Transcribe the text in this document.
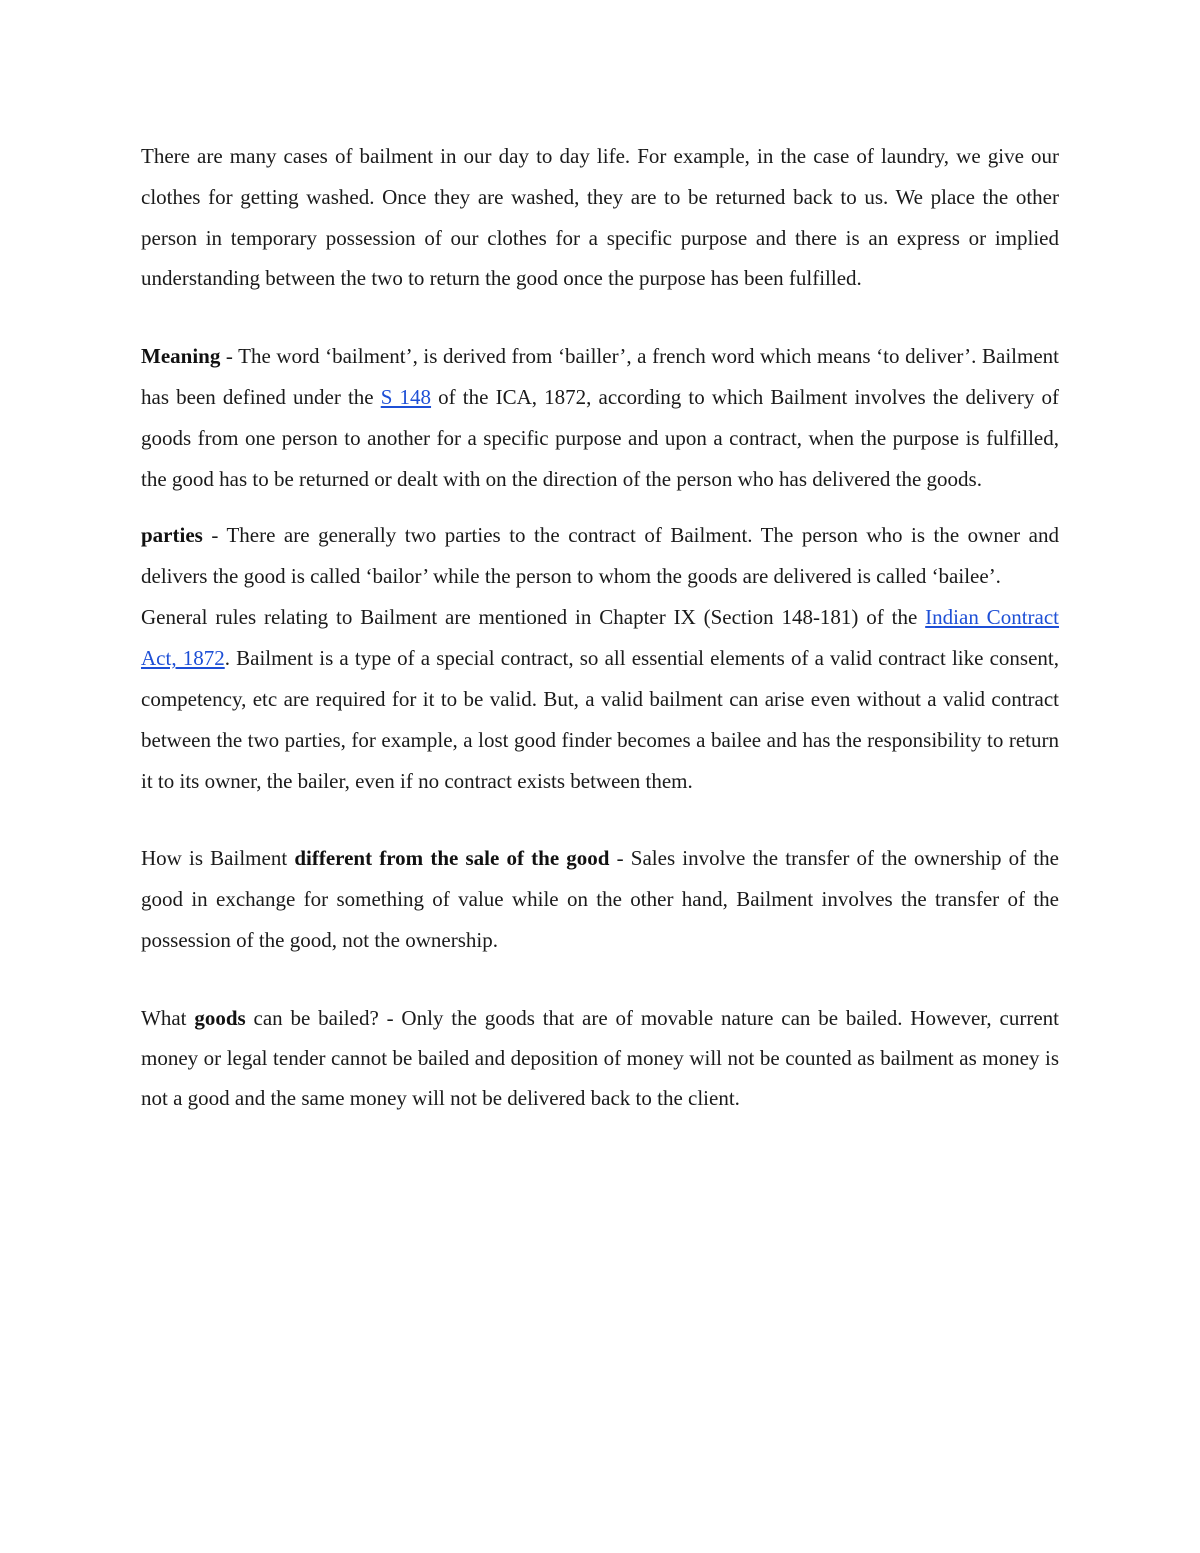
There are many cases of bailment in our day to day life. For example, in the case of laundry, we give our clothes for getting washed. Once they are washed, they are to be returned back to us. We place the other person in temporary possession of our clothes for a specific purpose and there is an express or implied understanding between the two to return the good once the purpose has been fulfilled.

Meaning - The word ‘bailment’, is derived from ‘bailler’, a french word which means ‘to deliver’. Bailment has been defined under the S 148 of the ICA, 1872, according to which Bailment involves the delivery of goods from one person to another for a specific purpose and upon a contract, when the purpose is fulfilled, the good has to be returned or dealt with on the direction of the person who has delivered the goods.

parties - There are generally two parties to the contract of Bailment. The person who is the owner and delivers the good is called ‘bailor’ while the person to whom the goods are delivered is called ‘bailee’.

General rules relating to Bailment are mentioned in Chapter IX (Section 148-181) of the Indian Contract Act, 1872. Bailment is a type of a special contract, so all essential elements of a valid contract like consent, competency, etc are required for it to be valid. But, a valid bailment can arise even without a valid contract between the two parties, for example, a lost good finder becomes a bailee and has the responsibility to return it to its owner, the bailer, even if no contract exists between them.

How is Bailment different from the sale of the good - Sales involve the transfer of the ownership of the good in exchange for something of value while on the other hand, Bailment involves the transfer of the possession of the good, not the ownership.

What goods can be bailed? - Only the goods that are of movable nature can be bailed. However, current money or legal tender cannot be bailed and deposition of money will not be counted as bailment as money is not a good and the same money will not be delivered back to the client.
